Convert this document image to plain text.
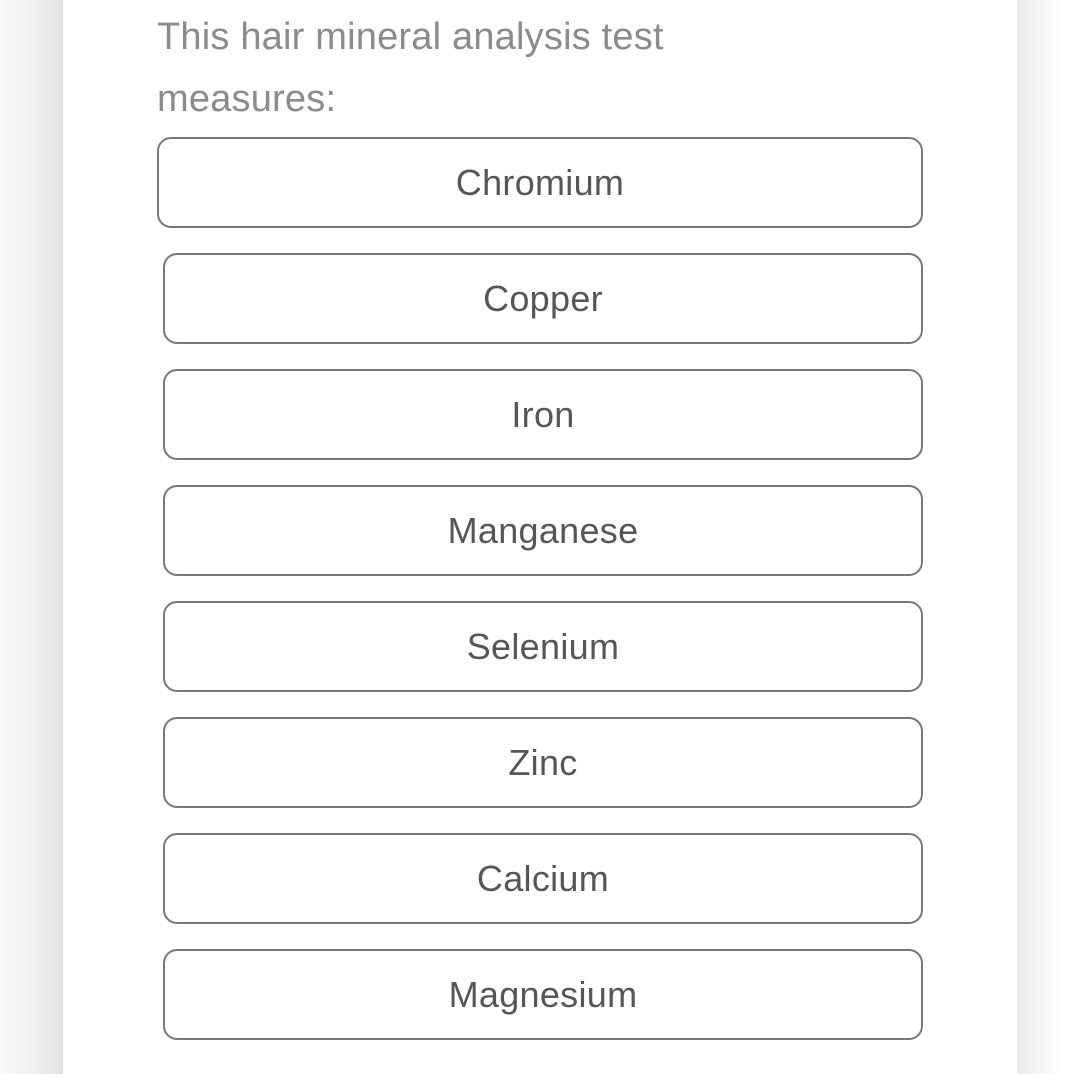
This hair mineral analysis test measures:
Chromium
Copper
Iron
Manganese
Selenium
Zinc
Calcium
Magnesium
